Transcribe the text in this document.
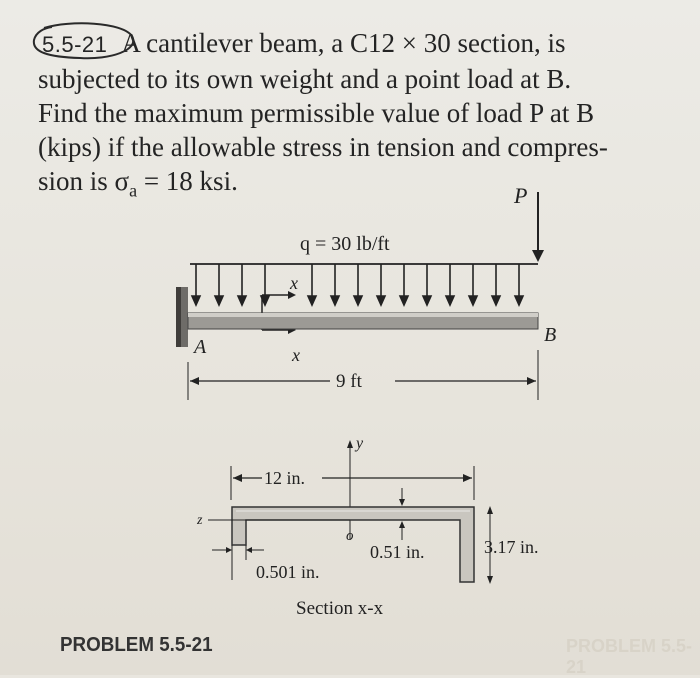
5.5-21 A cantilever beam, a C12 × 30 section, is
subjected to its own weight and a point load at B.
Find the maximum permissible value of load P at B
(kips) if the allowable stress in tension and compres-
sion is $\sigma_a = 18$ ksi.	P
q = 30 lb/ft
x
x
A
B
9 ft
y
12 in.
z
o
0.51 in.	3.17 in.
0.501 in.
Section x-x
PROBLEM 5.5-21	PROBLEM 5.5-21
